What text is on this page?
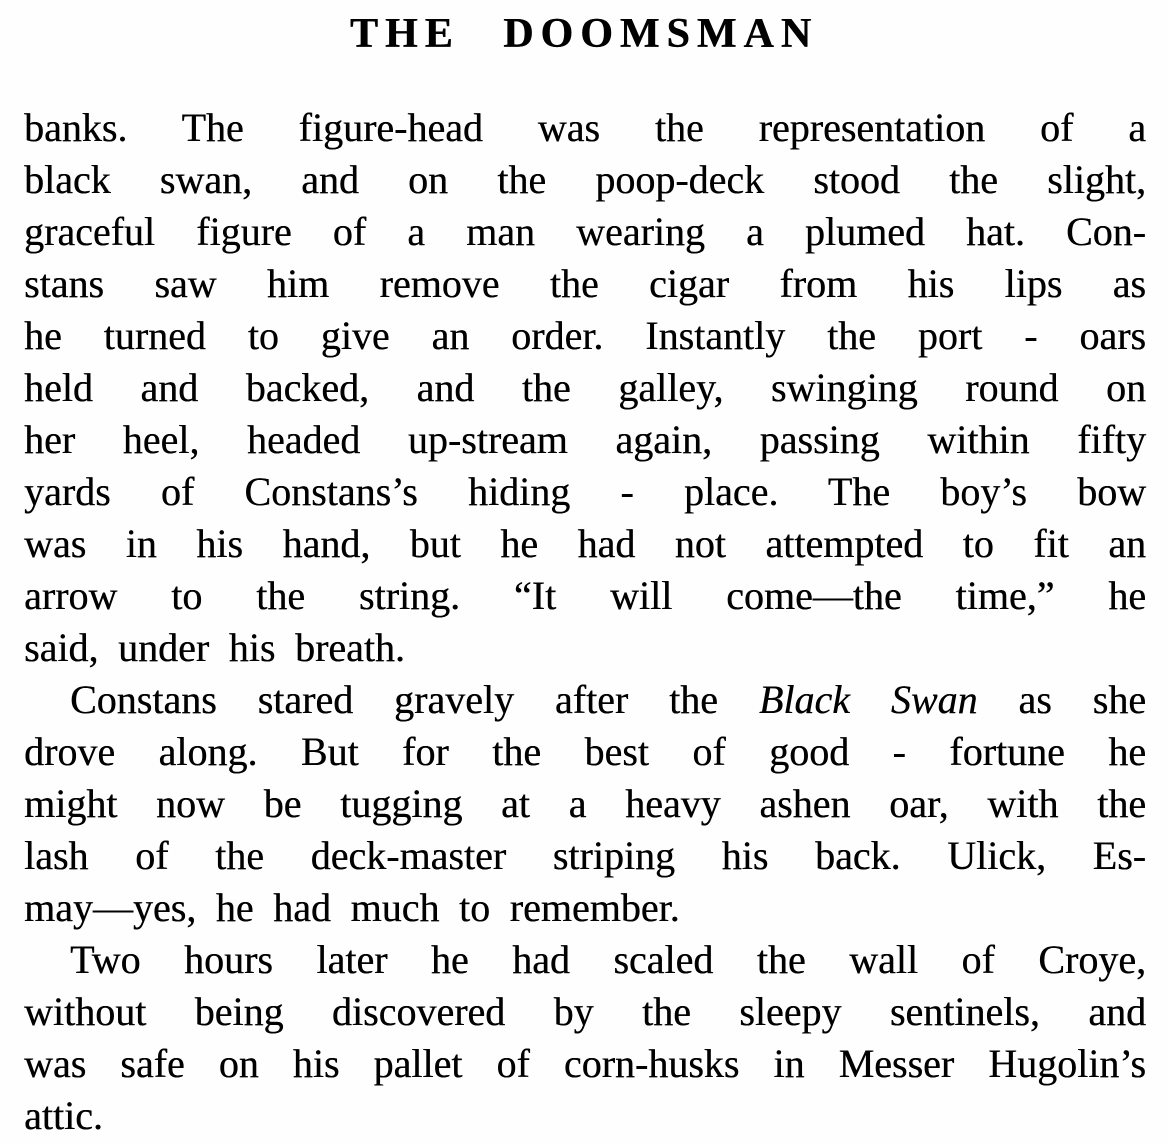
THE DOOMSMAN
banks. The figure-head was the representation of a
black swan, and on the poop-deck stood the slight,
graceful figure of a man wearing a plumed hat. Con-
stans saw him remove the cigar from his lips as
he turned to give an order. Instantly the port - oars
held and backed, and the galley, swinging round on
her heel, headed up-stream again, passing within fifty
yards of Constans’s hiding - place. The boy’s bow
was in his hand, but he had not attempted to fit an
arrow to the string. “It will come—the time,” he
said, under his breath.
Constans stared gravely after the Black Swan as she
drove along. But for the best of good - fortune he
might now be tugging at a heavy ashen oar, with the
lash of the deck-master striping his back. Ulick, Es-
may—yes, he had much to remember.
Two hours later he had scaled the wall of Croye,
without being discovered by the sleepy sentinels, and
was safe on his pallet of corn-husks in Messer Hugolin’s
attic.
